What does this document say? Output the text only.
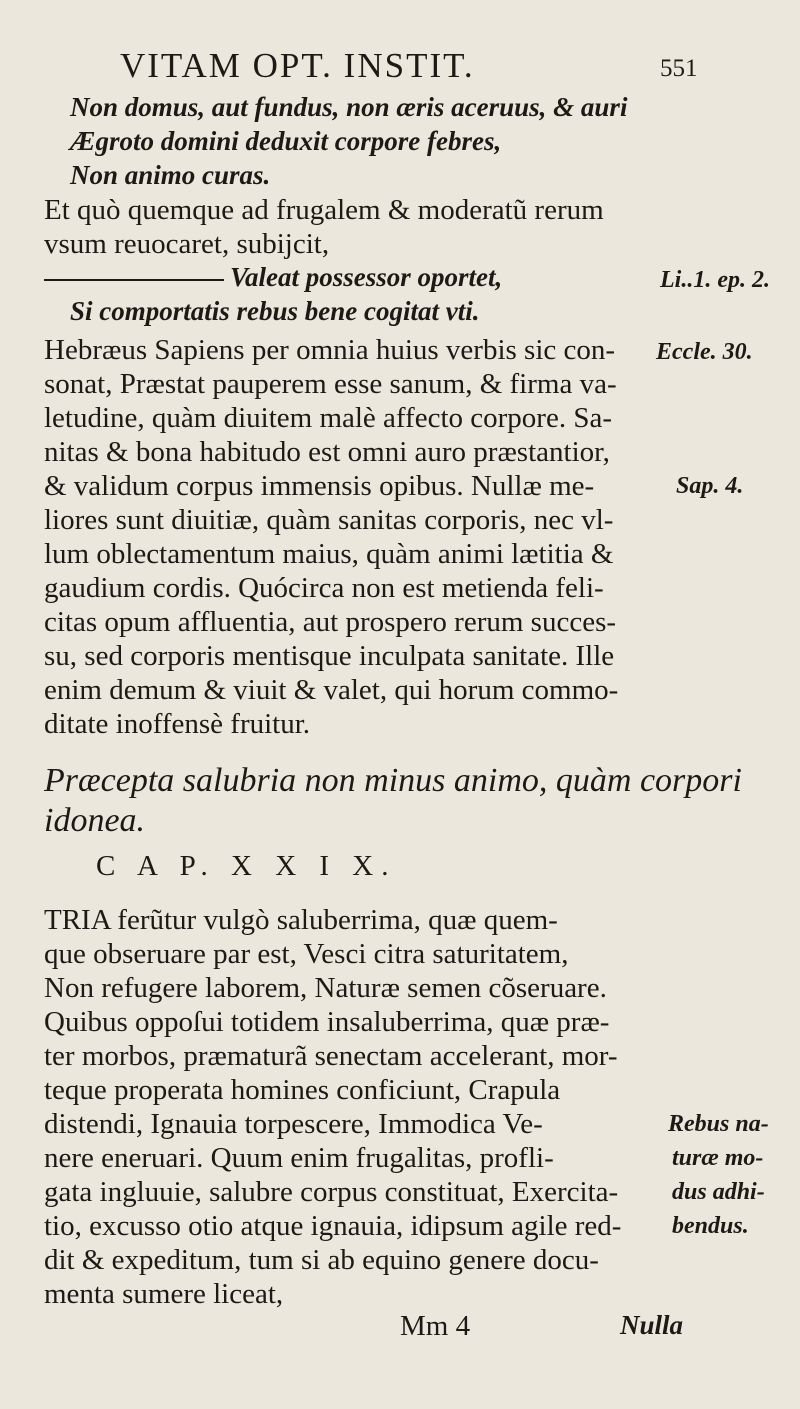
VITAM OPT. INSTIT.	551
Non domus, aut fundus, non æris aceruus, & auri
Ægroto domini deduxit corpore febres,
Non animo curas.
Et quò quemque ad frugalem & moderatũ rerum
vsum reuocaret, subijcit,
Valeat possessor oportet,	Li..1. ep. 2.
Si comportatis rebus bene cogitat vti.
Hebræus Sapiens per omnia huius verbis sic con- Eccle. 30.
sonat, Præstat pauperem esse sanum, & firma va-
letudine, quàm diuitem malè affecto corpore. Sa-
nitas & bona habitudo est omni auro præstantior,
& validum corpus immensis opibus. Nullæ me-	Sap. 4.
liores sunt diuitiæ, quàm sanitas corporis, nec vl-
lum oblectamentum maius, quàm animi lætitia &
gaudium cordis. Quócirca non est metienda feli-
citas opum affluentia, aut prospero rerum succes-
su, sed corporis mentisque inculpata sanitate. Ille
enim demum & viuit & valet, qui horum commo-
ditate inoffensè fruitur.
Præcepta salubria non minus animo, quàm corpori
idonea.
C A P. X X I X.
TRIA ferũtur vulgò saluberrima, quæ quem-
que obseruare par est, Vesci citra saturitatem,
Non refugere laborem, Naturæ semen cõseruare.
Quibus oppoſui totidem insaluberrima, quæ præ-
ter morbos, præmaturã senectam accelerant, mor-
teque properata homines conficiunt, Crapula
distendi, Ignauia torpescere, Immodica Ve-	Rebus na-
nere eneruari. Quum enim frugalitas, profli-	turæ mo-
gata ingluuie, salubre corpus constituat, Exercita- dus adhi-
tio, excusso otio atque ignauia, idipsum agile red- bendus.
dit & expeditum, tum si ab equino genere docu-
menta sumere liceat,
Mm 4	Nulla
